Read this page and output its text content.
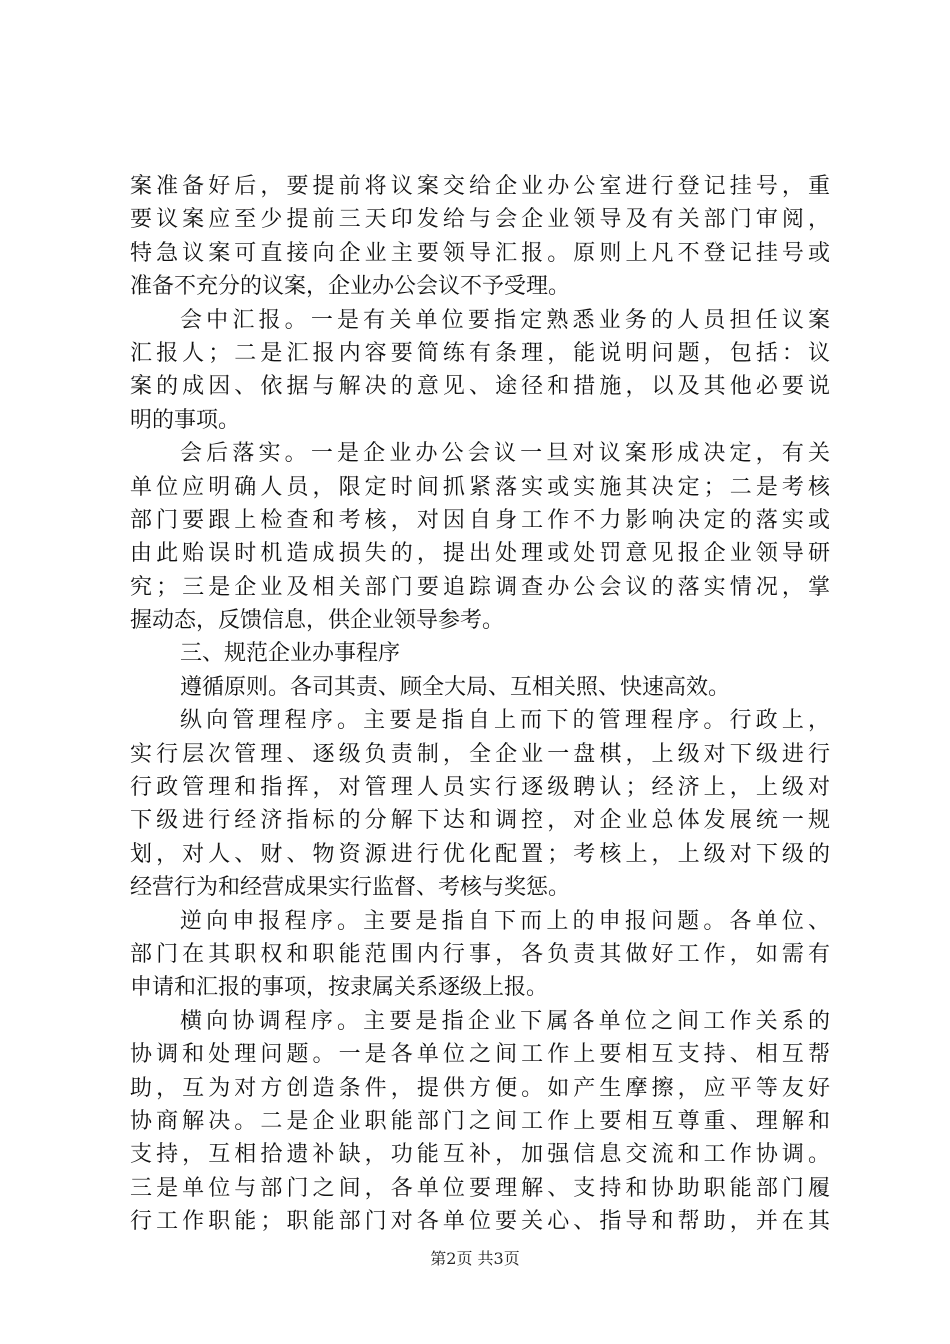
案准备好后，要提前将议案交给企业办公室进行登记挂号，重
要议案应至少提前三天印发给与会企业领导及有关部门审阅，
特急议案可直接向企业主要领导汇报。原则上凡不登记挂号或
准备不充分的议案，企业办公会议不予受理。
会中汇报。一是有关单位要指定熟悉业务的人员担任议案
汇报人；二是汇报内容要简练有条理，能说明问题，包括：议
案的成因、依据与解决的意见、途径和措施，以及其他必要说
明的事项。
会后落实。一是企业办公会议一旦对议案形成决定，有关
单位应明确人员，限定时间抓紧落实或实施其决定；二是考核
部门要跟上检查和考核，对因自身工作不力影响决定的落实或
由此贻误时机造成损失的，提出处理或处罚意见报企业领导研
究；三是企业及相关部门要追踪调查办公会议的落实情况，掌
握动态，反馈信息，供企业领导参考。
三、规范企业办事程序
遵循原则。各司其责、顾全大局、互相关照、快速高效。
纵向管理程序。主要是指自上而下的管理程序。行政上，
实行层次管理、逐级负责制，全企业一盘棋，上级对下级进行
行政管理和指挥，对管理人员实行逐级聘认；经济上，上级对
下级进行经济指标的分解下达和调控，对企业总体发展统一规
划，对人、财、物资源进行优化配置；考核上，上级对下级的
经营行为和经营成果实行监督、考核与奖惩。
逆向申报程序。主要是指自下而上的申报问题。各单位、
部门在其职权和职能范围内行事，各负责其做好工作，如需有
申请和汇报的事项，按隶属关系逐级上报。
横向协调程序。主要是指企业下属各单位之间工作关系的
协调和处理问题。一是各单位之间工作上要相互支持、相互帮
助，互为对方创造条件，提供方便。如产生摩擦，应平等友好
协商解决。二是企业职能部门之间工作上要相互尊重、理解和
支持，互相拾遗补缺，功能互补，加强信息交流和工作协调。
三是单位与部门之间，各单位要理解、支持和协助职能部门履
行工作职能；职能部门对各单位要关心、指导和帮助，并在其
第2页 共3页
